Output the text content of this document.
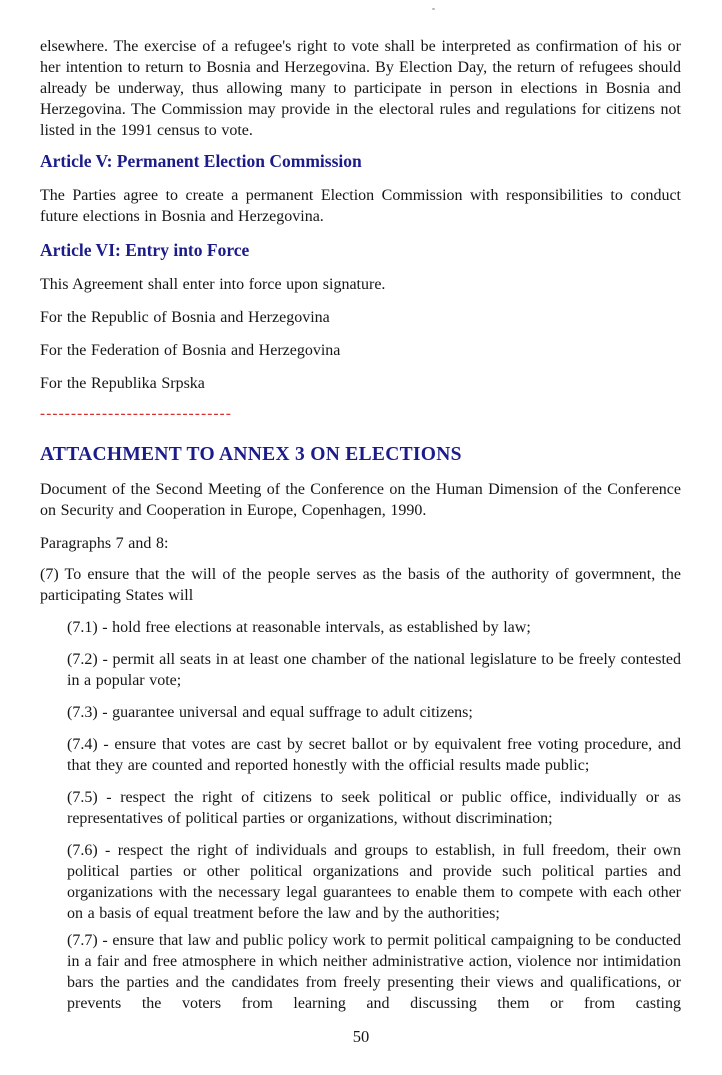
elsewhere. The exercise of a refugee's right to vote shall be interpreted as confirmation of his or her intention to return to Bosnia and Herzegovina. By Election Day, the return of refugees should already be underway, thus allowing many to participate in person in elections in Bosnia and Herzegovina. The Commission may provide in the electoral rules and regulations for citizens not listed in the 1991 census to vote.

Article V: Permanent Election Commission

The Parties agree to create a permanent Election Commission with responsibilities to conduct future elections in Bosnia and Herzegovina.

Article VI: Entry into Force

This Agreement shall enter into force upon signature.

For the Republic of Bosnia and Herzegovina

For the Federation of Bosnia and Herzegovina

For the Republika Srpska

-------------------------------
ATTACHMENT TO ANNEX 3 ON ELECTIONS

Document of the Second Meeting of the Conference on the Human Dimension of the Conference on Security and Cooperation in Europe, Copenhagen, 1990.

Paragraphs 7 and 8:

(7) To ensure that the will of the people serves as the basis of the authority of govermnent, the participating States will

(7.1) - hold free elections at reasonable intervals, as established by law;

(7.2) - permit all seats in at least one chamber of the national legislature to be freely contested in a popular vote;

(7.3) - guarantee universal and equal suffrage to adult citizens;

(7.4) - ensure that votes are cast by secret ballot or by equivalent free voting procedure, and that they are counted and reported honestly with the official results made public;

(7.5) - respect the right of citizens to seek political or public office, individually or as representatives of political parties or organizations, without discrimination;

(7.6) - respect the right of individuals and groups to establish, in full freedom, their own political parties or other political organizations and provide such political parties and organizations with the necessary legal guarantees to enable them to compete with each other on a basis of equal treatment before the law and by the authorities;

(7.7) - ensure that law and public policy work to permit political campaigning to be conducted in a fair and free atmosphere in which neither administrative action, violence nor intimidation bars the parties and the candidates from freely presenting their views and qualifications, or prevents the voters from learning and discussing them or from casting

50
